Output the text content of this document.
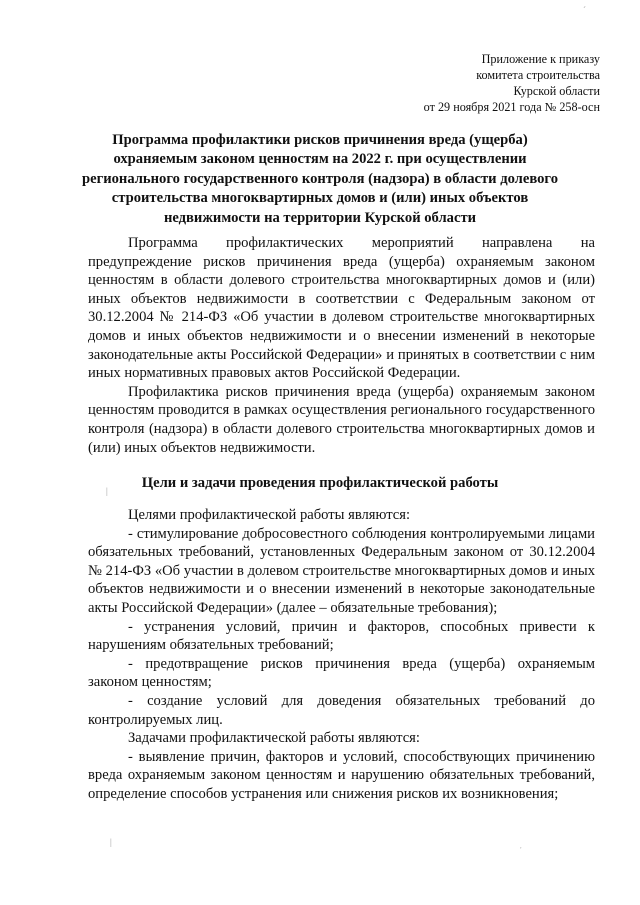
´
Приложение к приказу
комитета строительства
Курской области
от 29 ноября 2021 года № 258-осн
Программа профилактики рисков причинения вреда (ущерба)
охраняемым законом ценностям на 2022 г. при осуществлении
регионального государственного контроля (надзора) в области долевого
строительства многоквартирных домов и (или) иных объектов
недвижимости на территории Курской области

Программа профилактических мероприятий направлена на предупреждение рисков причинения вреда (ущерба) охраняемым законом ценностям в области долевого строительства многоквартирных домов и (или) иных объектов недвижимости в соответствии с Федеральным законом от 30.12.2004 № 214-ФЗ «Об участии в долевом строительстве многоквартирных домов и иных объектов недвижимости и о внесении изменений в некоторые законодательные акты Российской Федерации» и принятых в соответствии с ним иных нормативных правовых актов Российской Федерации.

Профилактика рисков причинения вреда (ущерба) охраняемым законом ценностям проводится в рамках осуществления регионального государственного контроля (надзора) в области долевого строительства многоквартирных домов и (или) иных объектов недвижимости.

Цели и задачи проведения профилактической работы
|

Целями профилактической работы являются:

- стимулирование добросовестного соблюдения контролируемыми лицами обязательных требований, установленных Федеральным законом от 30.12.2004 № 214-ФЗ «Об участии в долевом строительстве многоквартирных домов и иных объектов недвижимости и о внесении изменений в некоторые законодательные акты Российской Федерации» (далее – обязательные требования);

- устранения условий, причин и факторов, способных привести к нарушениям обязательных требований;

- предотвращение рисков причинения вреда (ущерба) охраняемым законом ценностям;

- создание условий для доведения обязательных требований до контролируемых лиц.

Задачами профилактической работы являются:

- выявление причин, факторов и условий, способствующих причинению вреда охраняемым законом ценностям и нарушению обязательных требований, определение способов устранения или снижения рисков их возникновения;

|
ˑ
